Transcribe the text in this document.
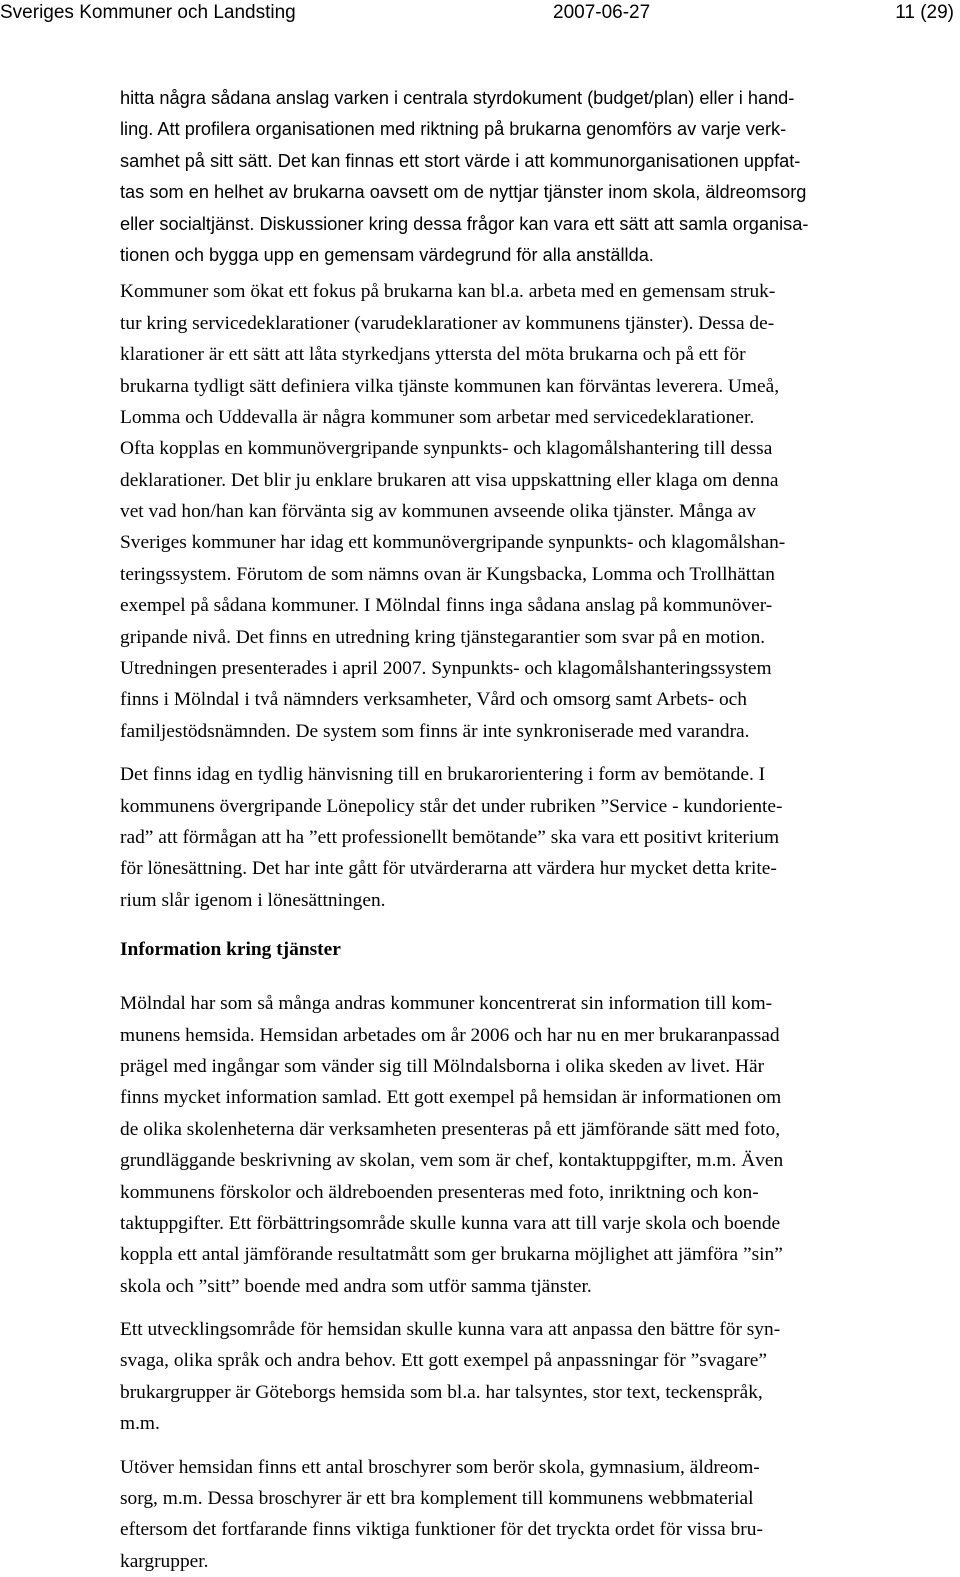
Sveriges Kommuner och Landsting	2007-06-27	11 (29)
hitta några sådana anslag varken i centrala styrdokument (budget/plan) eller i hand-
ling. Att profilera organisationen med riktning på brukarna genomförs av varje verk-
samhet på sitt sätt. Det kan finnas ett stort värde i att kommunorganisationen uppfat-
tas som en helhet av brukarna oavsett om de nyttjar tjänster inom skola, äldreomsorg
eller socialtjänst. Diskussioner kring dessa frågor kan vara ett sätt att samla organisa-
tionen och bygga upp en gemensam värdegrund för alla anställda.
Kommuner som ökat ett fokus på brukarna kan bl.a. arbeta med en gemensam struk-
tur kring servicedeklarationer (varudeklarationer av kommunens tjänster). Dessa de-
klarationer är ett sätt att låta styrkedjans yttersta del möta brukarna och på ett för
brukarna tydligt sätt definiera vilka tjänste kommunen kan förväntas leverera. Umeå,
Lomma och Uddevalla är några kommuner som arbetar med servicedeklarationer.
Ofta kopplas en kommunövergripande synpunkts- och klagomålshantering till dessa
deklarationer. Det blir ju enklare brukaren att visa uppskattning eller klaga om denna
vet vad hon/han kan förvänta sig av kommunen avseende olika tjänster. Många av
Sveriges kommuner har idag ett kommunövergripande synpunkts- och klagomålshan-
teringssystem. Förutom de som nämns ovan är Kungsbacka, Lomma och Trollhättan
exempel på sådana kommuner. I Mölndal finns inga sådana anslag på kommunöver-
gripande nivå. Det finns en utredning kring tjänstegarantier som svar på en motion.
Utredningen presenterades i april 2007. Synpunkts- och klagomålshanteringssystem
finns i Mölndal i två nämnders verksamheter, Vård och omsorg samt Arbets- och
familjestödsnämnden. De system som finns är inte synkroniserade med varandra.
Det finns idag en tydlig hänvisning till en brukarorientering i form av bemötande. I
kommunens övergripande Lönepolicy står det under rubriken ”Service - kundoriente-
rad” att förmågan att ha ”ett professionellt bemötande” ska vara ett positivt kriterium
för lönesättning. Det har inte gått för utvärderarna att värdera hur mycket detta krite-
rium slår igenom i lönesättningen.
Information kring tjänster
Mölndal har som så många andras kommuner koncentrerat sin information till kom-
munens hemsida. Hemsidan arbetades om år 2006 och har nu en mer brukaranpassad
prägel med ingångar som vänder sig till Mölndalsborna i olika skeden av livet. Här
finns mycket information samlad. Ett gott exempel på hemsidan är informationen om
de olika skolenheterna där verksamheten presenteras på ett jämförande sätt med foto,
grundläggande beskrivning av skolan, vem som är chef, kontaktuppgifter, m.m. Även
kommunens förskolor och äldreboenden presenteras med foto, inriktning och kon-
taktuppgifter. Ett förbättringsområde skulle kunna vara att till varje skola och boende
koppla ett antal jämförande resultatmått som ger brukarna möjlighet att jämföra ”sin”
skola och ”sitt” boende med andra som utför samma tjänster.
Ett utvecklingsområde för hemsidan skulle kunna vara att anpassa den bättre för syn-
svaga, olika språk och andra behov. Ett gott exempel på anpassningar för ”svagare”
brukargrupper är Göteborgs hemsida som bl.a. har talsyntes, stor text, teckenspråk,
m.m.
Utöver hemsidan finns ett antal broschyrer som berör skola, gymnasium, äldreom-
sorg, m.m. Dessa broschyrer är ett bra komplement till kommunens webbmaterial
eftersom det fortfarande finns viktiga funktioner för det tryckta ordet för vissa bru-
kargrupper.
